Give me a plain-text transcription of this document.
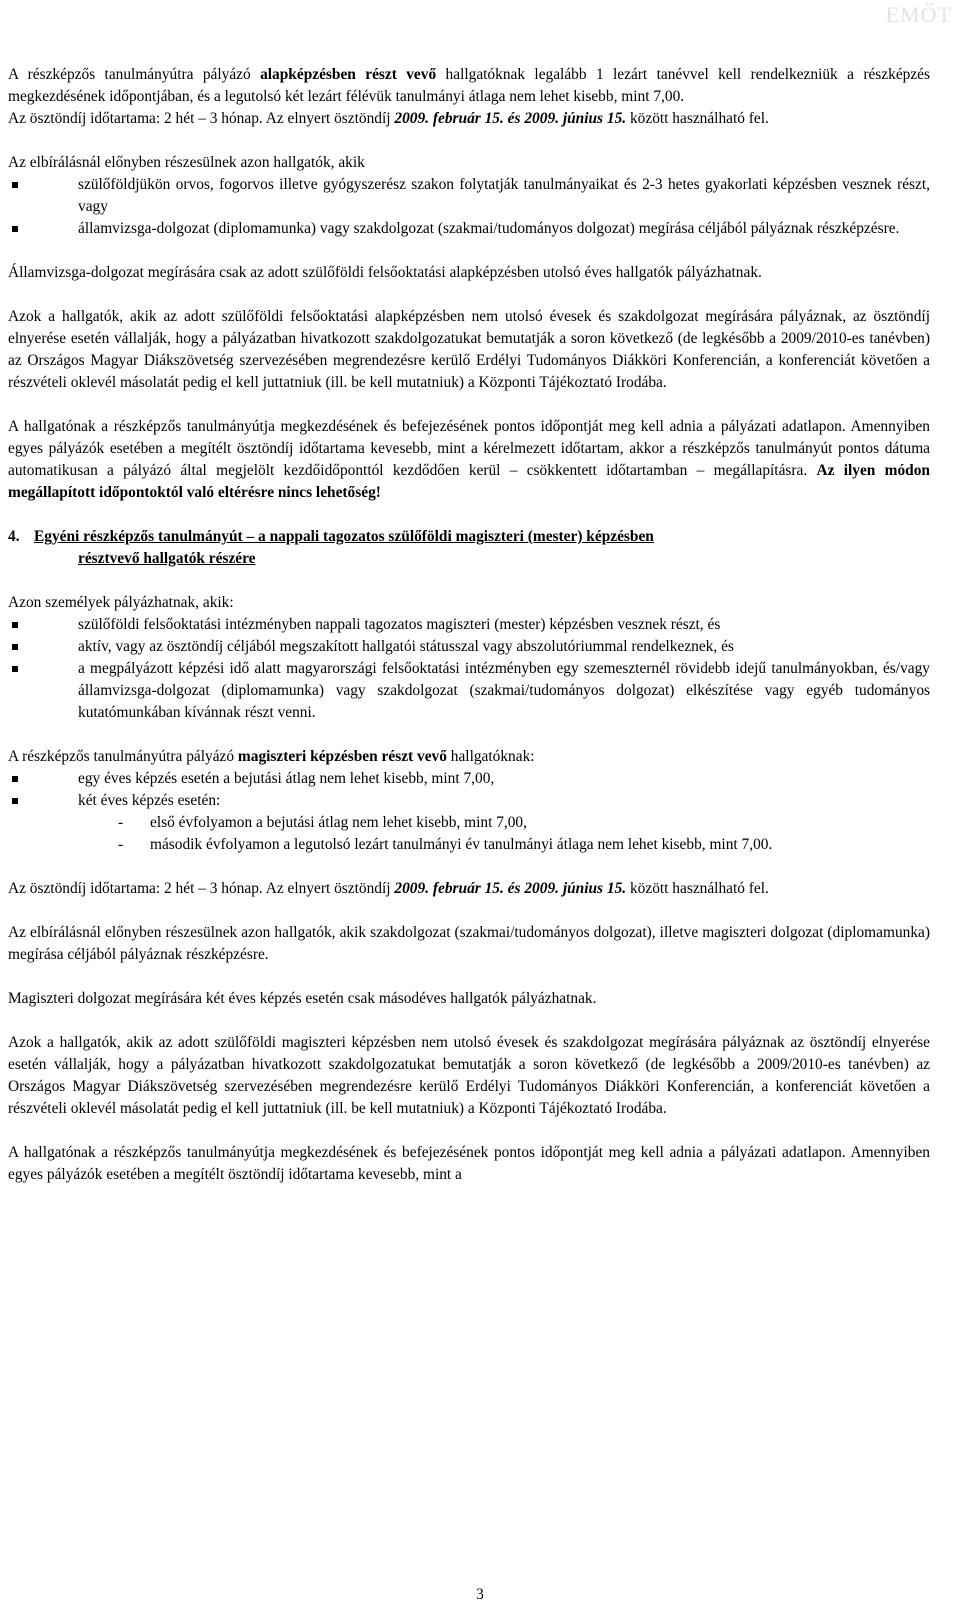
EMŐT

A részképzős tanulmányútra pályázó alapképzésben részt vevő hallgatóknak legalább 1 lezárt tanévvel kell rendelkezniük a részképzés megkezdésének időpontjában, és a legutolsó két lezárt félévük tanulmányi átlaga nem lehet kisebb, mint 7,00.

Az ösztöndíj időtartama: 2 hét – 3 hónap. Az elnyert ösztöndíj 2009. február 15. és 2009. június 15. között használható fel.

Az elbírálásnál előnyben részesülnek azon hallgatók, akik

szülőföldjükön orvos, fogorvos illetve gyógyszerész szakon folytatják tanulmányaikat és 2-3 hetes gyakorlati képzésben vesznek részt, vagy
államvizsga-dolgozat (diplomamunka) vagy szakdolgozat (szakmai/tudományos dolgozat) megírása céljából pályáznak részképzésre.

Államvizsga-dolgozat megírására csak az adott szülőföldi felsőoktatási alapképzésben utolsó éves hallgatók pályázhatnak.

Azok a hallgatók, akik az adott szülőföldi felsőoktatási alapképzésben nem utolsó évesek és szakdolgozat megírására pályáznak, az ösztöndíj elnyerése esetén vállalják, hogy a pályázatban hivatkozott szakdolgozatukat bemutatják a soron következő (de legkésőbb a 2009/2010-es tanévben) az Országos Magyar Diákszövetség szervezésében megrendezésre kerülő Erdélyi Tudományos Diákköri Konferencián, a konferenciát követően a részvételi oklevél másolatát pedig el kell juttatniuk (ill. be kell mutatniuk) a Központi Tájékoztató Irodába.

A hallgatónak a részképzős tanulmányútja megkezdésének és befejezésének pontos időpontját meg kell adnia a pályázati adatlapon. Amennyiben egyes pályázók esetében a megítélt ösztöndíj időtartama kevesebb, mint a kérelmezett időtartam, akkor a részképzős tanulmányút pontos dátuma automatikusan a pályázó által megjelölt kezdőidőponttól kezdődően kerül – csökkentett időtartamban – megállapításra. Az ilyen módon megállapított időpontoktól való eltérésre nincs lehetőség!

4. Egyéni részképzős tanulmányút – a nappali tagozatos szülőföldi magiszteri (mester) képzésben
résztvevő hallgatók részére

Azon személyek pályázhatnak, akik:

szülőföldi felsőoktatási intézményben nappali tagozatos magiszteri (mester) képzésben vesznek részt, és
aktív, vagy az ösztöndíj céljából megszakított hallgatói státusszal vagy abszolutóriummal rendelkeznek, és
a megpályázott képzési idő alatt magyarországi felsőoktatási intézményben egy szemeszternél rövidebb idejű tanulmányokban, és/vagy államvizsga-dolgozat (diplomamunka) vagy szakdolgozat (szakmai/tudományos dolgozat) elkészítése vagy egyéb tudományos kutatómunkában kívánnak részt venni.

A részképzős tanulmányútra pályázó magiszteri képzésben részt vevő hallgatóknak:

egy éves képzés esetén a bejutási átlag nem lehet kisebb, mint 7,00,
két éves képzés esetén:
- első évfolyamon a bejutási átlag nem lehet kisebb, mint 7,00,
- második évfolyamon a legutolsó lezárt tanulmányi év tanulmányi átlaga nem lehet kisebb, mint 7,00.

Az ösztöndíj időtartama: 2 hét – 3 hónap. Az elnyert ösztöndíj 2009. február 15. és 2009. június 15. között használható fel.

Az elbírálásnál előnyben részesülnek azon hallgatók, akik szakdolgozat (szakmai/tudományos dolgozat), illetve magiszteri dolgozat (diplomamunka) megírása céljából pályáznak részképzésre.

Magiszteri dolgozat megírására két éves képzés esetén csak másodéves hallgatók pályázhatnak.

Azok a hallgatók, akik az adott szülőföldi magiszteri képzésben nem utolsó évesek és szakdolgozat megírására pályáznak az ösztöndíj elnyerése esetén vállalják, hogy a pályázatban hivatkozott szakdolgozatukat bemutatják a soron következő (de legkésőbb a 2009/2010-es tanévben) az Országos Magyar Diákszövetség szervezésében megrendezésre kerülő Erdélyi Tudományos Diákköri Konferencián, a konferenciát követően a részvételi oklevél másolatát pedig el kell juttatniuk (ill. be kell mutatniuk) a Központi Tájékoztató Irodába.

A hallgatónak a részképzős tanulmányútja megkezdésének és befejezésének pontos időpontját meg kell adnia a pályázati adatlapon. Amennyiben egyes pályázók esetében a megítélt ösztöndíj időtartama kevesebb, mint a

3
